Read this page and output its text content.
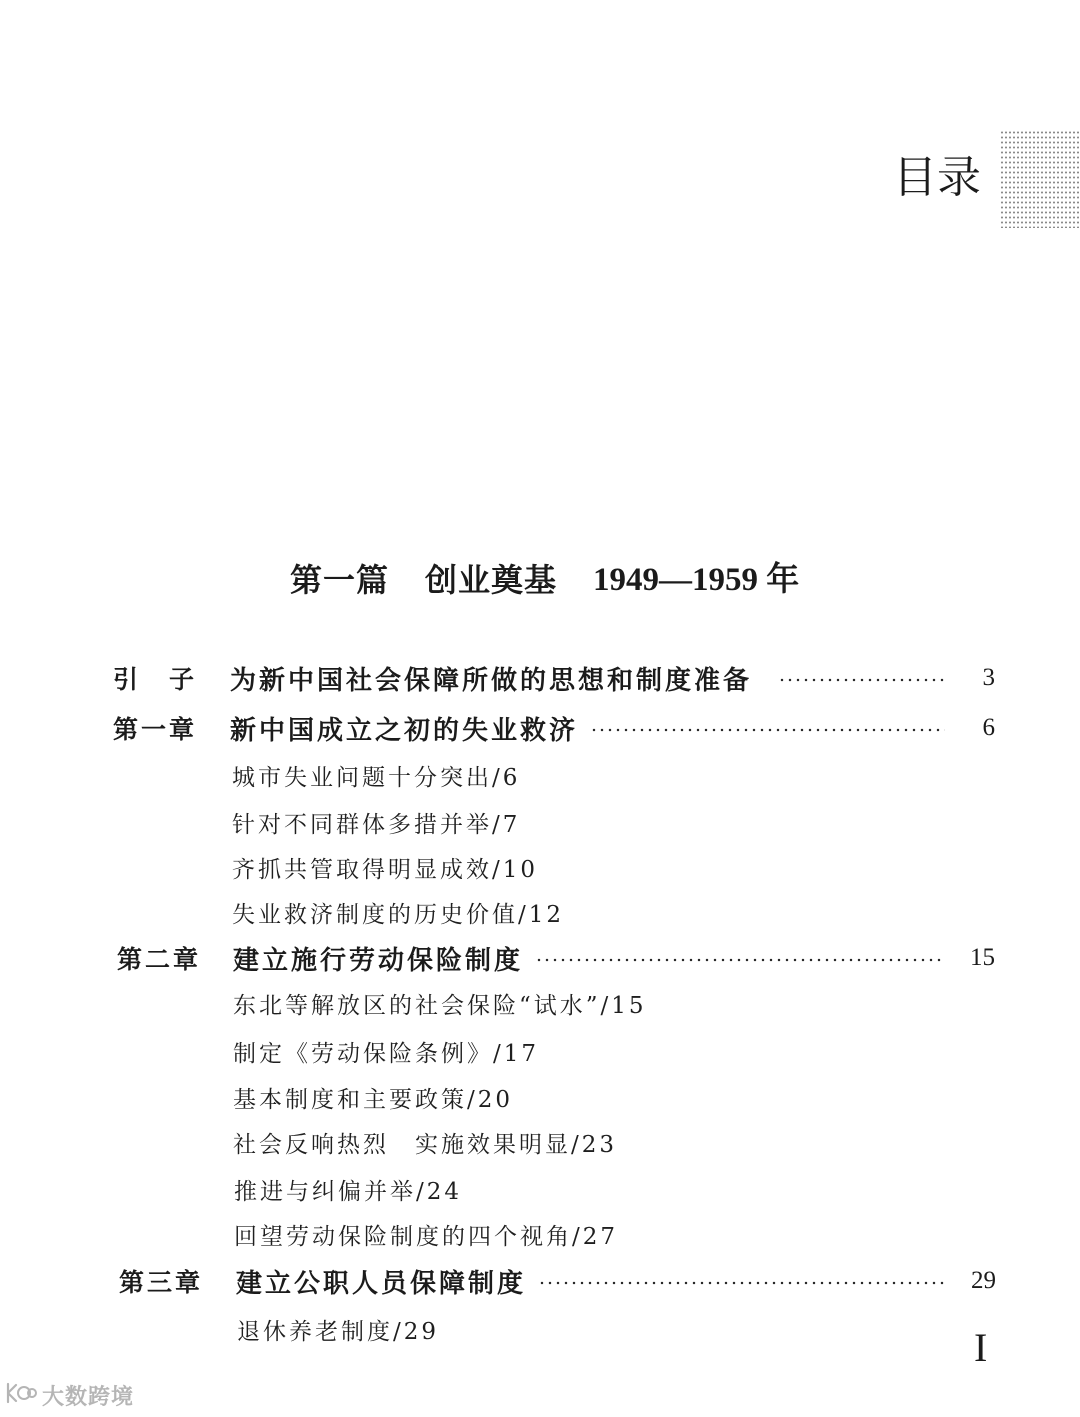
目录
第一篇 创业奠基 1949—1959 年
引　子	为新中国社会保障所做的思想和制度准备	3
第一章	新中国成立之初的失业救济	6
城市失业问题十分突出/6
针对不同群体多措并举/7
齐抓共管取得明显成效/10
失业救济制度的历史价值/12
第二章	建立施行劳动保险制度	15
东北等解放区的社会保险“试水”/15
制定《劳动保险条例》/17
基本制度和主要政策/20
社会反响热烈　实施效果明显/23
推进与纠偏并举/24
回望劳动保险制度的四个视角/27
第三章	建立公职人员保障制度	29
退休养老制度/29	I
大数跨境
